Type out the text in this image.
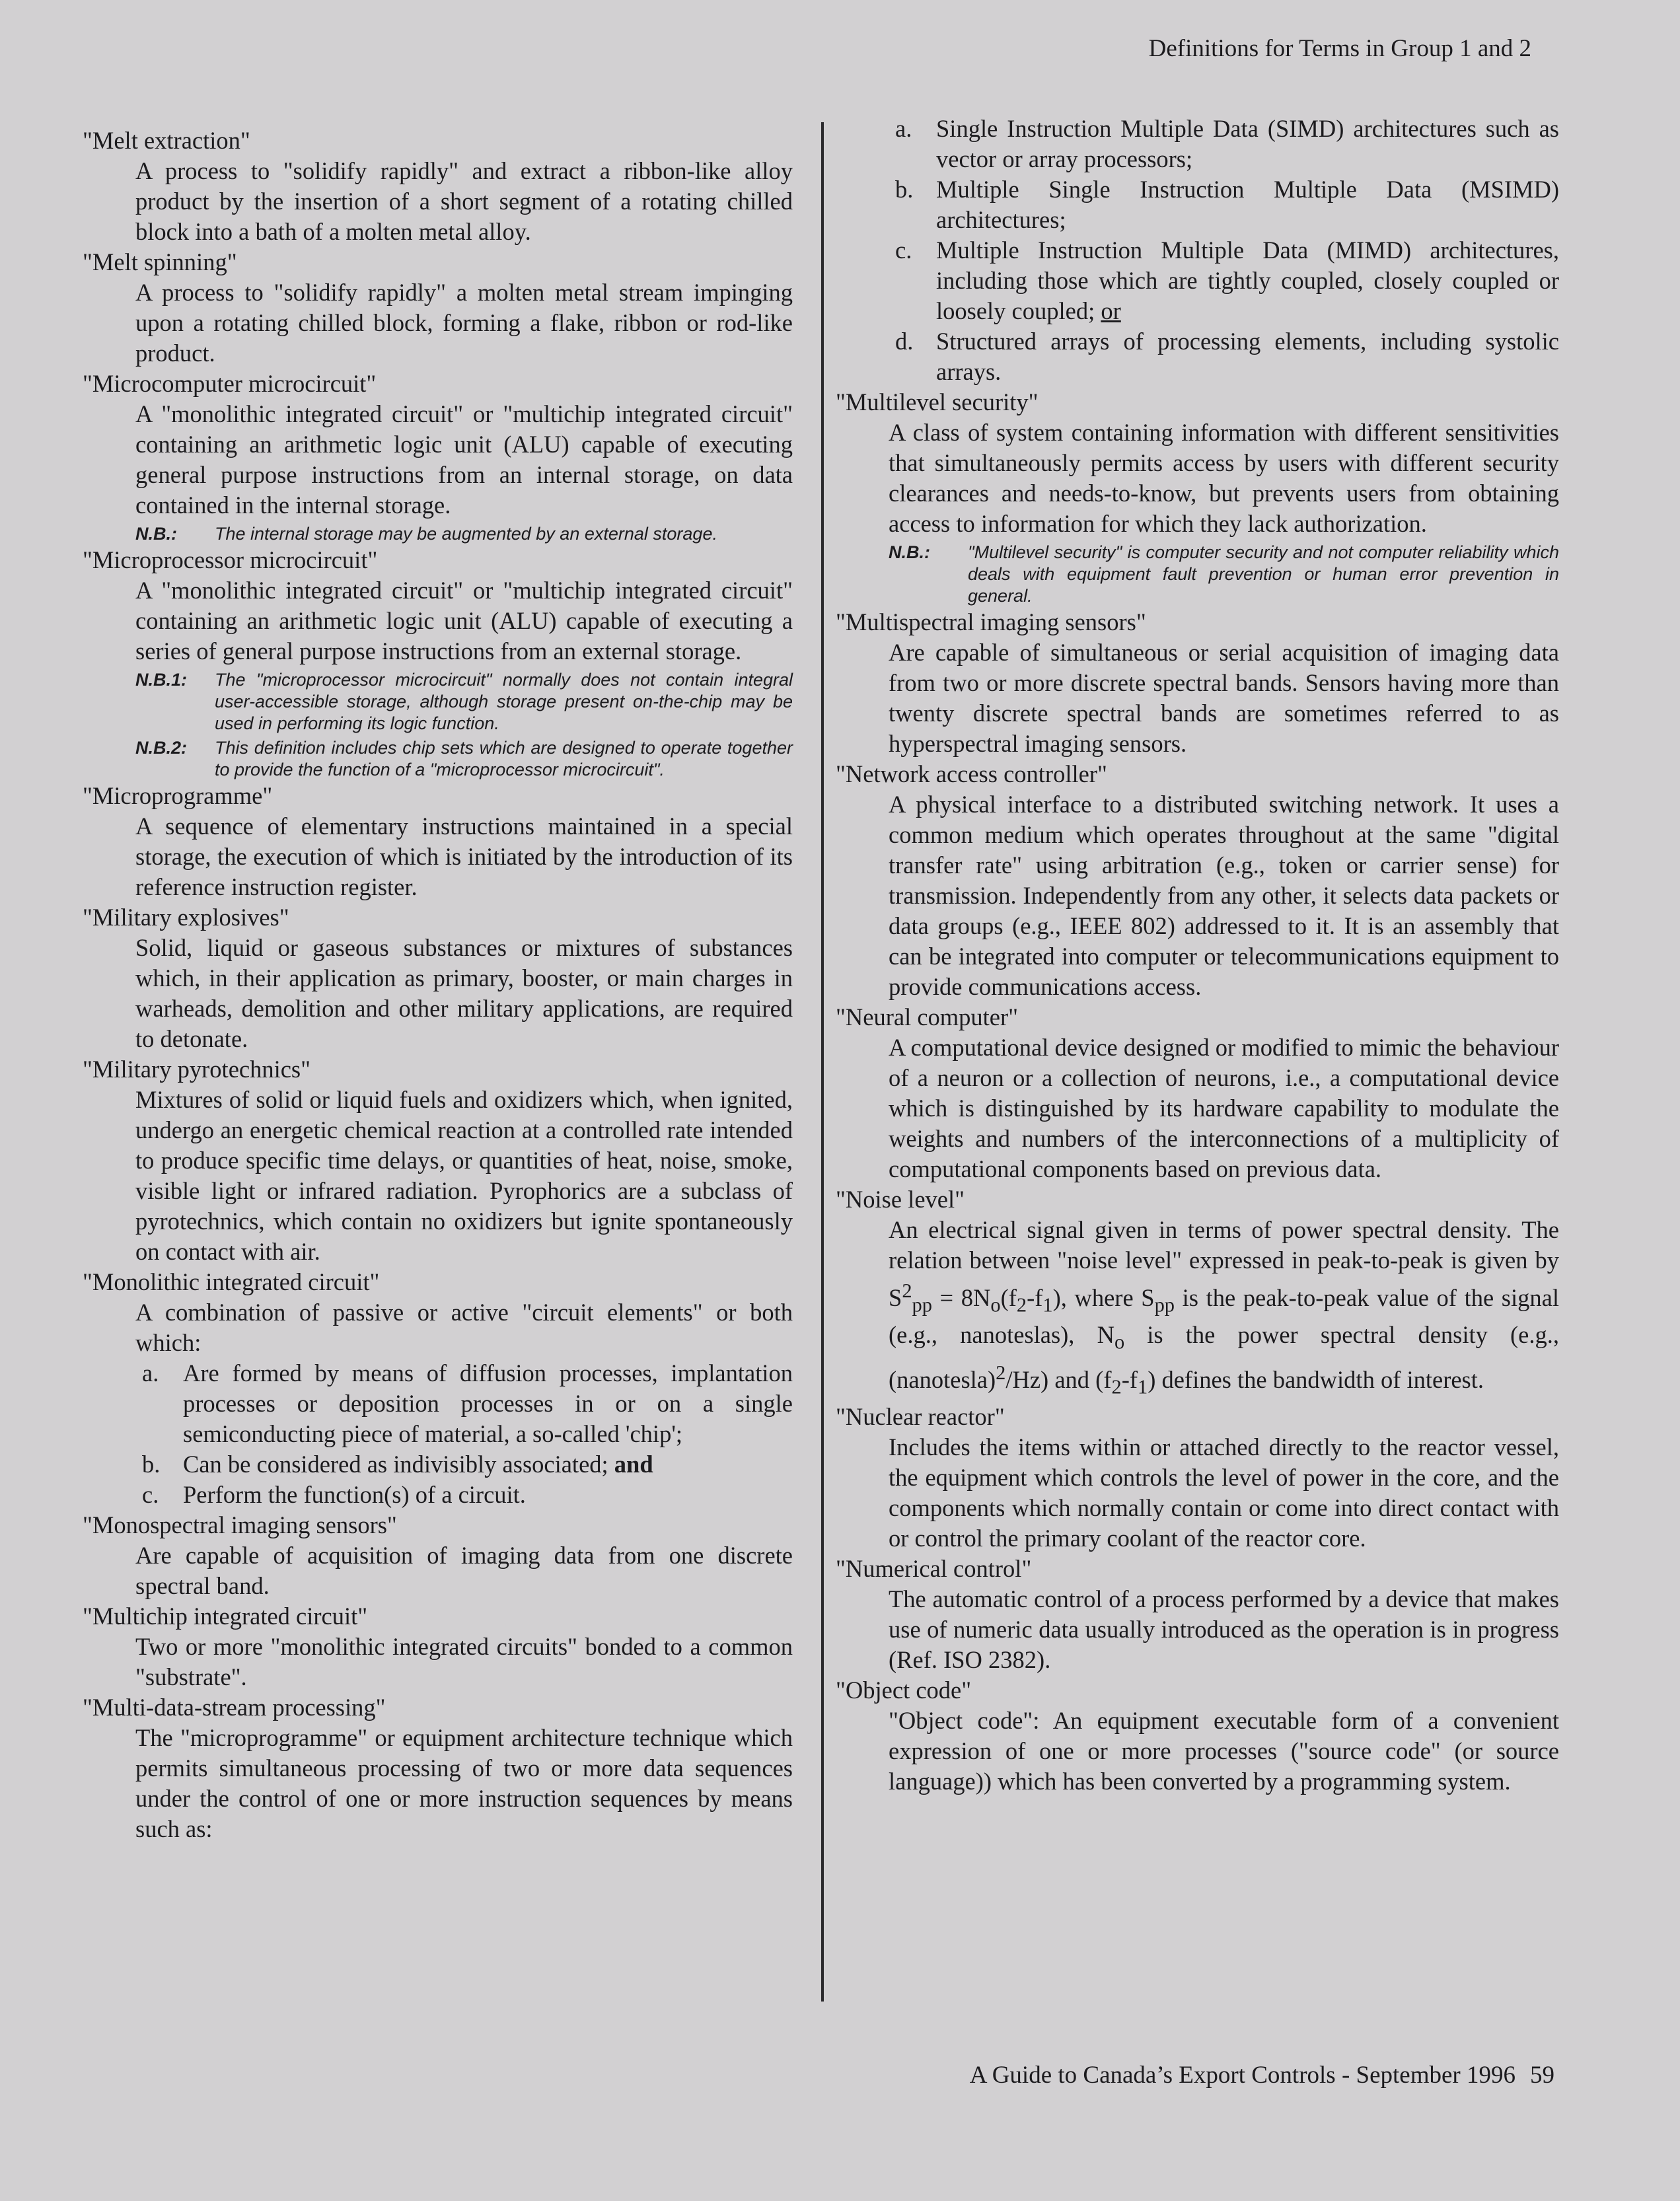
Definitions for Terms in Group 1 and 2
"Melt extraction"
A process to "solidify rapidly" and extract a ribbon-like alloy product by the insertion of a short segment of a rotating chilled block into a bath of a molten metal alloy.
"Melt spinning"
A process to "solidify rapidly" a molten metal stream impinging upon a rotating chilled block, forming a flake, ribbon or rod-like product.
"Microcomputer microcircuit"
A "monolithic integrated circuit" or "multichip integrated circuit" containing an arithmetic logic unit (ALU) capable of executing general purpose instructions from an internal storage, on data contained in the internal storage.
N.B.:	The internal storage may be augmented by an external storage.
"Microprocessor microcircuit"
A "monolithic integrated circuit" or "multichip integrated circuit" containing an arithmetic logic unit (ALU) capable of executing a series of general purpose instructions from an external storage.
N.B.1:	The "microprocessor microcircuit" normally does not contain integral user-accessible storage, although storage present on-the-chip may be used in performing its logic function.
N.B.2:	This definition includes chip sets which are designed to operate together to provide the function of a "microprocessor microcircuit".
"Microprogramme"
A sequence of elementary instructions maintained in a special storage, the execution of which is initiated by the introduction of its reference instruction register.
"Military explosives"
Solid, liquid or gaseous substances or mixtures of substances which, in their application as primary, booster, or main charges in warheads, demolition and other military applications, are required to detonate.
"Military pyrotechnics"
Mixtures of solid or liquid fuels and oxidizers which, when ignited, undergo an energetic chemical reaction at a controlled rate intended to produce specific time delays, or quantities of heat, noise, smoke, visible light or infrared radiation. Pyrophorics are a subclass of pyrotechnics, which contain no oxidizers but ignite spontaneously on contact with air.
"Monolithic integrated circuit"
A combination of passive or active "circuit elements" or both which:
a. Are formed by means of diffusion processes, implantation processes or deposition processes in or on a single semiconducting piece of material, a so-called 'chip';
b. Can be considered as indivisibly associated; and
c. Perform the function(s) of a circuit.
"Monospectral imaging sensors"
Are capable of acquisition of imaging data from one discrete spectral band.
"Multichip integrated circuit"
Two or more "monolithic integrated circuits" bonded to a common "substrate".
"Multi-data-stream processing"
The "microprogramme" or equipment architecture technique which permits simultaneous processing of two or more data sequences under the control of one or more instruction sequences by means such as:
a. Single Instruction Multiple Data (SIMD) architectures such as vector or array processors;
b. Multiple Single Instruction Multiple Data (MSIMD) architectures;
c. Multiple Instruction Multiple Data (MIMD) architectures, including those which are tightly coupled, closely coupled or loosely coupled; or
d. Structured arrays of processing elements, including systolic arrays.
"Multilevel security"
A class of system containing information with different sensitivities that simultaneously permits access by users with different security clearances and needs-to-know, but prevents users from obtaining access to information for which they lack authorization.
N.B.:	"Multilevel security" is computer security and not computer reliability which deals with equipment fault prevention or human error prevention in general.
"Multispectral imaging sensors"
Are capable of simultaneous or serial acquisition of imaging data from two or more discrete spectral bands. Sensors having more than twenty discrete spectral bands are sometimes referred to as hyperspectral imaging sensors.
"Network access controller"
A physical interface to a distributed switching network. It uses a common medium which operates throughout at the same "digital transfer rate" using arbitration (e.g., token or carrier sense) for transmission. Independently from any other, it selects data packets or data groups (e.g., IEEE 802) addressed to it. It is an assembly that can be integrated into computer or telecommunications equipment to provide communications access.
"Neural computer"
A computational device designed or modified to mimic the behaviour of a neuron or a collection of neurons, i.e., a computational device which is distinguished by its hardware capability to modulate the weights and numbers of the interconnections of a multiplicity of computational components based on previous data.
"Noise level"
An electrical signal given in terms of power spectral density. The relation between "noise level" expressed in peak-to-peak is given by $S^2_{pp} = 8N_o(f_2-f_1)$, where $S_{pp}$ is the peak-to-peak value of the signal (e.g., nanoteslas), $N_o$ is the power spectral density (e.g., (nanotesla)$^2$/Hz) and $(f_2-f_1)$ defines the bandwidth of interest.
"Nuclear reactor"
Includes the items within or attached directly to the reactor vessel, the equipment which controls the level of power in the core, and the components which normally contain or come into direct contact with or control the primary coolant of the reactor core.
"Numerical control"
The automatic control of a process performed by a device that makes use of numeric data usually introduced as the operation is in progress (Ref. ISO 2382).
"Object code"
"Object code": An equipment executable form of a convenient expression of one or more processes ("source code" (or source language)) which has been converted by a programming system.
A Guide to Canada’s Export Controls - September 1996 59
